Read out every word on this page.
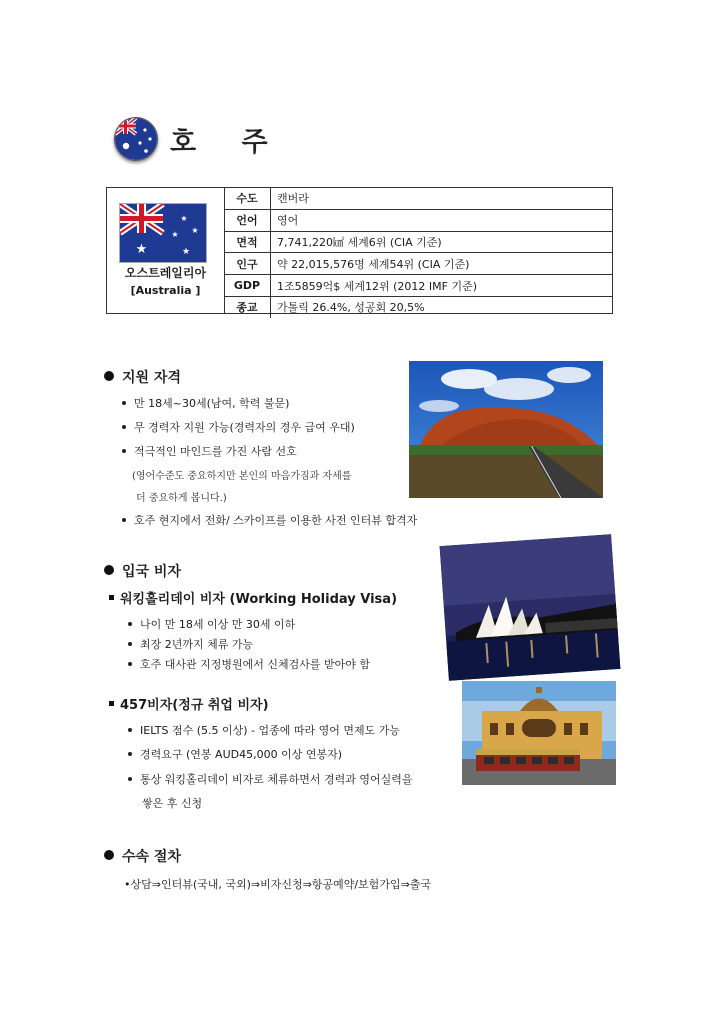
호 주
★
★
★
★
★
오스트레일리아
[Australia ]
수도	캔버라
언어	영어
면적	7,741,220㎢ 세계6위 (CIA 기준)
인구	약 22,015,576명 세계54위 (CIA 기준)
GDP	1조5859억$ 세계12위 (2012 IMF 기준)
종교	가톨릭 26.4%, 성공회 20,5%
지원 자격
만 18세~30세(남여, 학력 불문)
무 경력자 지원 가능(경력자의 경우 급여 우대)
적극적인 마인드를 가진 사람 선호
(영어수준도 중요하지만 본인의 마음가짐과 자세를
더 중요하게 봅니다.)
호주 현지에서 전화/ 스카이프를 이용한 사전 인터뷰 합격자
입국 비자
워킹홀리데이 비자 (Working Holiday Visa)
나이 만 18세 이상 만 30세 이하
최장 2년까지 체류 가능
호주 대사관 지정병원에서 신체검사를 받아야 함
457비자(정규 취업 비자)
IELTS 점수 (5.5 이상) - 업종에 따라 영어 면제도 가능
경력요구 (연봉 AUD45,000 이상 연봉자)
통상 워킹홀리데이 비자로 체류하면서 경력과 영어실력을
쌓은 후 신청
수속 절차
•상담⇒인터뷰(국내, 국외)⇒비자신청⇒항공예약/보험가입⇒출국
